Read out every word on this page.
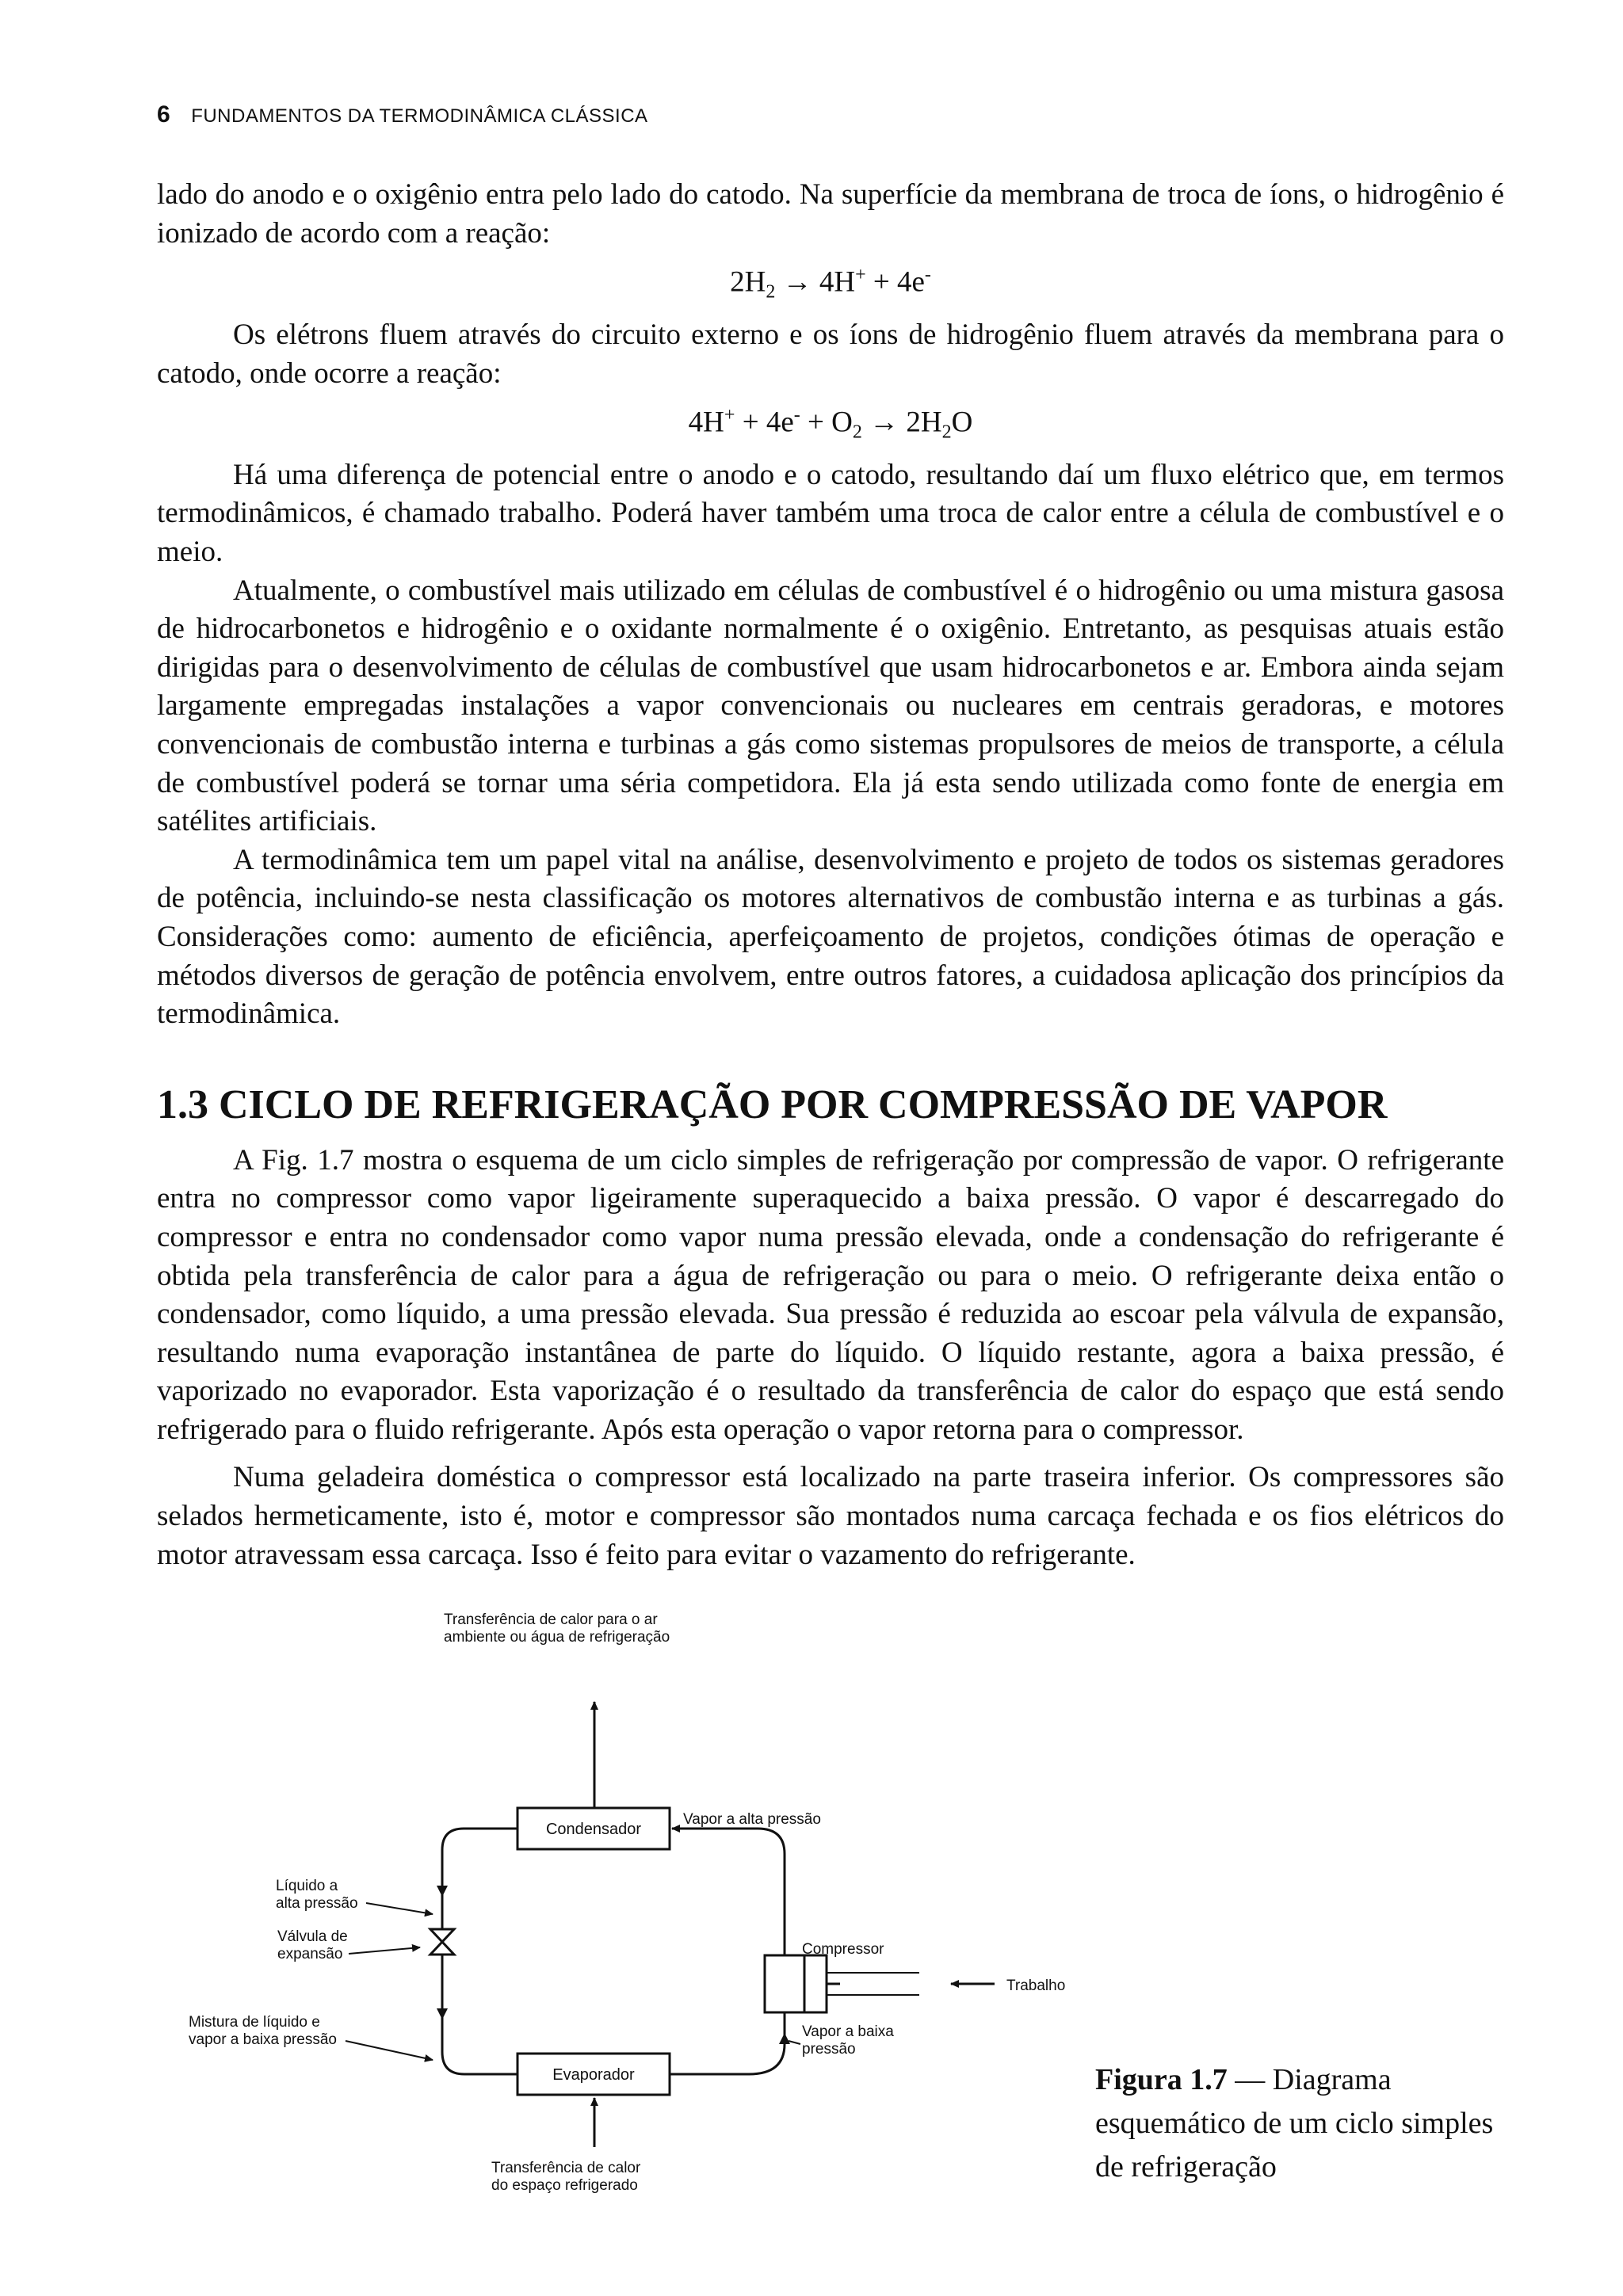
6 FUNDAMENTOS DA TERMODINÂMICA CLÁSSICA

lado do anodo e o oxigênio entra pelo lado do catodo. Na superfície da membrana de troca de íons, o hidrogênio é ionizado de acordo com a reação:

$2H_2 \to 4H^+ + 4e^-$

Os elétrons fluem através do circuito externo e os íons de hidrogênio fluem através da membrana para o catodo, onde ocorre a reação:

$4H^+ + 4e^- + O_2 \to 2H_2O$

Há uma diferença de potencial entre o anodo e o catodo, resultando daí um fluxo elétrico que, em termos termodinâmicos, é chamado trabalho. Poderá haver também uma troca de calor entre a célula de combustível e o meio.

Atualmente, o combustível mais utilizado em células de combustível é o hidrogênio ou uma mistura gasosa de hidrocarbonetos e hidrogênio e o oxidante normalmente é o oxigênio. Entretanto, as pesquisas atuais estão dirigidas para o desenvolvimento de células de combustível que usam hidrocarbonetos e ar. Embora ainda sejam largamente empregadas instalações a vapor convencionais ou nucleares em centrais geradoras, e motores convencionais de combustão interna e turbinas a gás como sistemas propulsores de meios de transporte, a célula de combustível poderá se tornar uma séria competidora. Ela já esta sendo utilizada como fonte de energia em satélites artificiais.

A termodinâmica tem um papel vital na análise, desenvolvimento e projeto de todos os sistemas geradores de potência, incluindo-se nesta classificação os motores alternativos de combustão interna e as turbinas a gás. Considerações como: aumento de eficiência, aperfeiçoamento de projetos, condições ótimas de operação e métodos diversos de geração de potência envolvem, entre outros fatores, a cuidadosa aplicação dos princípios da termodinâmica.

1.3 CICLO DE REFRIGERAÇÃO POR COMPRESSÃO DE VAPOR

A Fig. 1.7 mostra o esquema de um ciclo simples de refrigeração por compressão de vapor. O refrigerante entra no compressor como vapor ligeiramente superaquecido a baixa pressão. O vapor é descarregado do compressor e entra no condensador como vapor numa pressão elevada, onde a condensação do refrigerante é obtida pela transferência de calor para a água de refrigeração ou para o meio. O refrigerante deixa então o condensador, como líquido, a uma pressão elevada. Sua pressão é reduzida ao escoar pela válvula de expansão, resultando numa evaporação instantânea de parte do líquido. O líquido restante, agora a baixa pressão, é vaporizado no evaporador. Esta vaporização é o resultado da transferência de calor do espaço que está sendo refrigerado para o fluido refrigerante. Após esta operação o vapor retorna para o compressor.

Numa geladeira doméstica o compressor está localizado na parte traseira inferior. Os compressores são selados hermeticamente, isto é, motor e compressor são montados numa carcaça fechada e os fios elétricos do motor atravessam essa carcaça. Isso é feito para evitar o vazamento do refrigerante.

Transferência de calor para o ar
ambiente ou água de refrigeração
Condensador
Evaporador
Vapor a alta pressão
Compressor
Trabalho
Vapor a baixa
pressão
Líquido a
alta pressão
Válvula de
expansão
Mistura de líquido e
vapor a baixa pressão
Transferência de calor
do espaço refrigerado
Figura 1.7 — Diagrama esquemático de um ciclo simples de refrigeração
